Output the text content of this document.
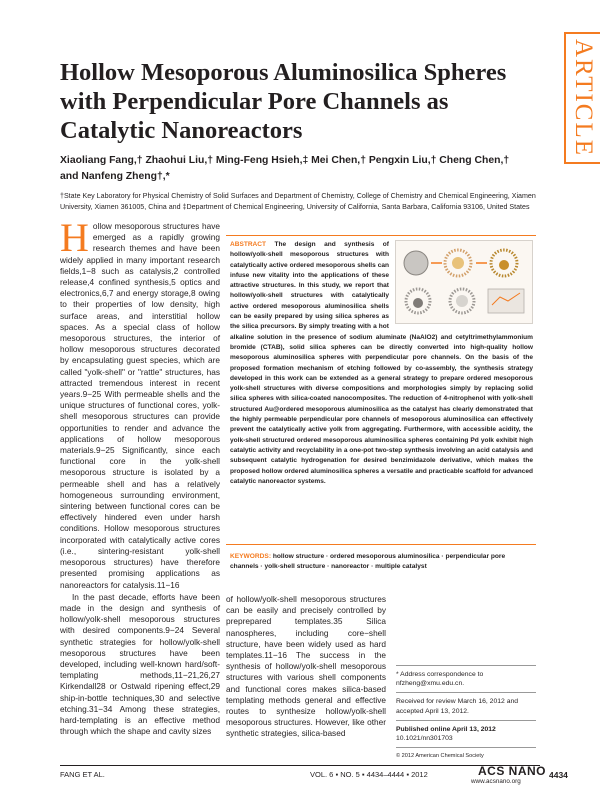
ARTICLE
Hollow Mesoporous Aluminosilica Spheres with Perpendicular Pore Channels as Catalytic Nanoreactors
Xiaoliang Fang,† Zhaohui Liu,† Ming-Feng Hsieh,‡ Mei Chen,† Pengxin Liu,† Cheng Chen,† and Nanfeng Zheng†,*
†State Key Laboratory for Physical Chemistry of Solid Surfaces and Department of Chemistry, College of Chemistry and Chemical Engineering, Xiamen University, Xiamen 361005, China and ‡Department of Chemical Engineering, University of California, Santa Barbara, California 93106, United States

Hollow mesoporous structures have emerged as a rapidly growing research themes and have been widely applied in many important research fields,1−8 such as catalysis,2 controlled release,4 confined synthesis,5 optics and electronics,6,7 and energy storage,8 owing to their properties of low density, high surface areas, and interstitial hollow spaces. As a special class of hollow mesoporous structures, the interior of hollow mesoporous structures decorated by encapsulating guest species, which are called "yolk-shell" or "rattle" structures, has attracted tremendous interest in recent years.9−25 With permeable shells and the unique structures of functional cores, yolk-shell mesoporous structures can provide opportunities to render and advance the applications of hollow mesoporous materials.9−25 Significantly, since each functional core in the yolk-shell mesoporous structure is isolated by a permeable shell and has a relatively homogeneous surrounding environment, sintering between functional cores can be effectively hindered even under harsh conditions. Hollow mesoporous structures incorporated with catalytically active cores (i.e., sintering-resistant yolk-shell mesoporous structures) have therefore presented promising applications as nanoreactors for catalysis.11−16

In the past decade, efforts have been made in the design and synthesis of hollow/yolk-shell mesoporous structures with desired components.9−24 Several synthetic strategies for hollow/yolk-shell mesoporous structures have been developed, including well-known hard/soft-templating methods,11−21,26,27 Kirkendall28 or Ostwald ripening effect,29 ship-in-bottle techniques,30 and selective etching.31−34 Among these strategies, hard-templating is an effective method through which the shape and cavity sizes

ABSTRACT The design and synthesis of hollow/yolk-shell mesoporous structures with catalytically active ordered mesoporous shells can infuse new vitality into the applications of these attractive structures. In this study, we report that hollow/yolk-shell structures with catalytically active ordered mesoporous aluminosilica shells can be easily prepared by using silica spheres as the silica precursors. By simply treating with a hot alkaline solution in the presence of sodium aluminate (NaAlO2) and cetyltrimethylammonium bromide (CTAB), solid silica spheres can be directly converted into high-quality hollow mesoporous aluminosilica spheres with perpendicular pore channels. On the basis of the proposed formation mechanism of etching followed by co-assembly, the synthesis strategy developed in this work can be extended as a general strategy to prepare ordered mesoporous yolk-shell structures with diverse compositions and morphologies simply by replacing solid silica spheres with silica-coated nanocomposites. The reduction of 4-nitrophenol with yolk-shell structured Au@ordered mesoporous aluminosilica as the catalyst has clearly demonstrated that the highly permeable perpendicular pore channels of mesoporous aluminosilica can effectively prevent the catalytically active yolk from aggregating. Furthermore, with accessible acidity, the yolk-shell structured ordered mesoporous aluminosilica spheres containing Pd yolk exhibit high catalytic activity and recyclability in a one-pot two-step synthesis involving an acid catalysis and subsequent catalytic hydrogenation for desired benzimidazole derivative, which makes the proposed hollow ordered aluminosilica spheres a versatile and practicable scaffold for advanced catalytic nanoreactor systems.
KEYWORDS: hollow structure · ordered mesoporous aluminosilica · perpendicular pore channels · yolk-shell structure · nanoreactor · multiple catalyst

of hollow/yolk-shell mesoporous structures can be easily and precisely controlled by preprepared templates.35 Silica nanospheres, including core−shell structure, have been widely used as hard templates.11−16 The success in the synthesis of hollow/yolk-shell mesoporous structures with various shell components and functional cores makes silica-based templating methods general and effective routes to synthesize hollow/yolk-shell mesoporous structures. However, like other synthetic strategies, silica-based

* Address correspondence to
nfzheng@xmu.edu.cn.
Received for review March 16, 2012 and accepted April 13, 2012.
Published online April 13, 2012
10.1021/nn301703
© 2012 American Chemical Society
FANG ET AL.	VOL. 6 ▪ NO. 5 ▪ 4434–4444 ▪ 2012	ACS NANO
www.acsnano.org
4434
